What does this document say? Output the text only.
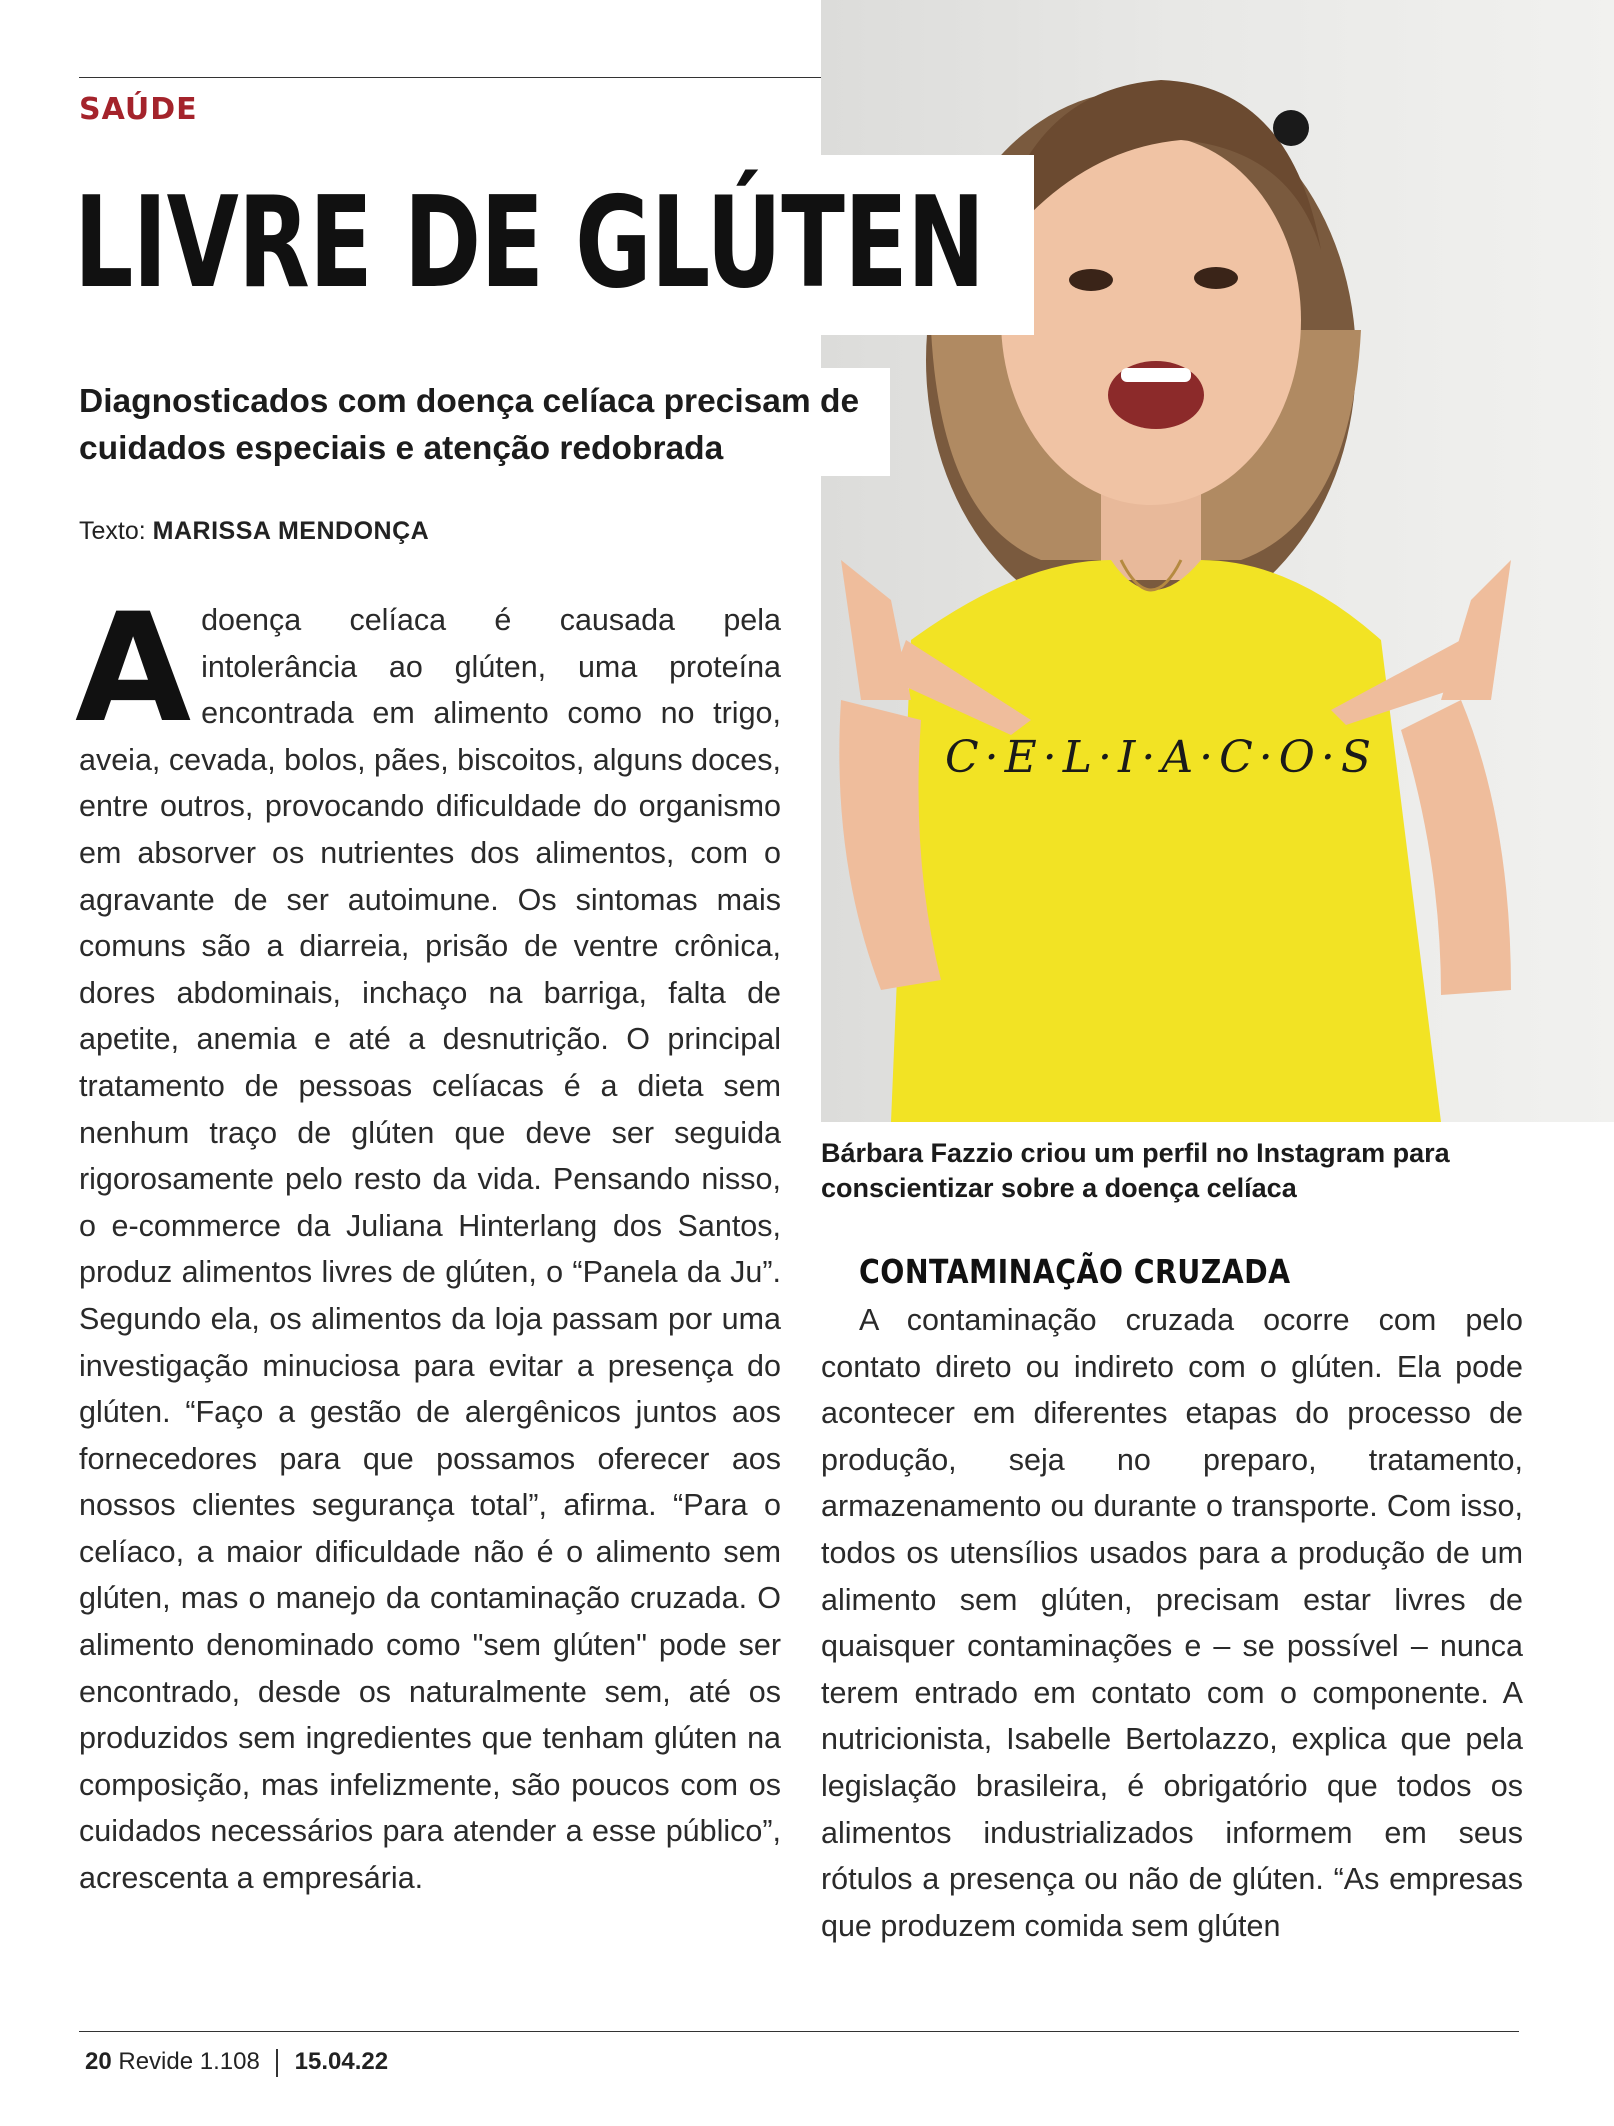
C·E·L·I·A·C·O·S
SAÚDE
LIVRE DE GLÚTEN

Diagnosticados com doença celíaca precisam de cuidados especiais e atenção redobrada

Texto: MARISSA MENDONÇA

A doença celíaca é causada pela intolerância ao glúten, uma proteína encontrada em alimento como no trigo, aveia, cevada, bolos, pães, biscoitos, alguns doces, entre outros, provocando dificuldade do organismo em absorver os nutrientes dos alimentos, com o agravante de ser autoimune. Os sintomas mais comuns são a diarreia, prisão de ventre crônica, dores abdominais, inchaço na barriga, falta de apetite, anemia e até a desnutrição. O principal tratamento de pessoas celíacas é a dieta sem nenhum traço de glúten que deve ser seguida rigorosamente pelo resto da vida. Pensando nisso, o e-commerce da Juliana Hinterlang dos Santos, produz alimentos livres de glúten, o “Panela da Ju”. Segundo ela, os alimentos da loja passam por uma investigação minuciosa para evitar a presença do glúten. “Faço a gestão de alergênicos juntos aos fornecedores para que possamos oferecer aos nossos clientes segurança total”, afirma. “Para o celíaco, a maior dificuldade não é o alimento sem glúten, mas o manejo da contaminação cruzada. O alimento denominado como "sem glúten" pode ser encontrado, desde os naturalmente sem, até os produzidos sem ingredientes que tenham glúten na composição, mas infelizmente, são poucos com os cuidados necessários para atender a esse público”, acrescenta a empresária.

Bárbara Fazzio criou um perfil no Instagram para conscientizar sobre a doença celíaca

CONTAMINAÇÃO CRUZADA

A contaminação cruzada ocorre com pelo contato direto ou indireto com o glúten. Ela pode acontecer em diferentes etapas do processo de produção, seja no preparo, tratamento, armazenamento ou durante o transporte. Com isso, todos os utensílios usados para a produção de um alimento sem glúten, precisam estar livres de quaisquer contaminações e – se possível – nunca terem entrado em contato com o componente. A nutricionista, Isabelle Bertolazzo, explica que pela legislação brasileira, é obrigatório que todos os alimentos industrializados informem em seus rótulos a presença ou não de glúten. “As empresas que produzem comida sem glúten

20 Revide 1.108 15.04.22
